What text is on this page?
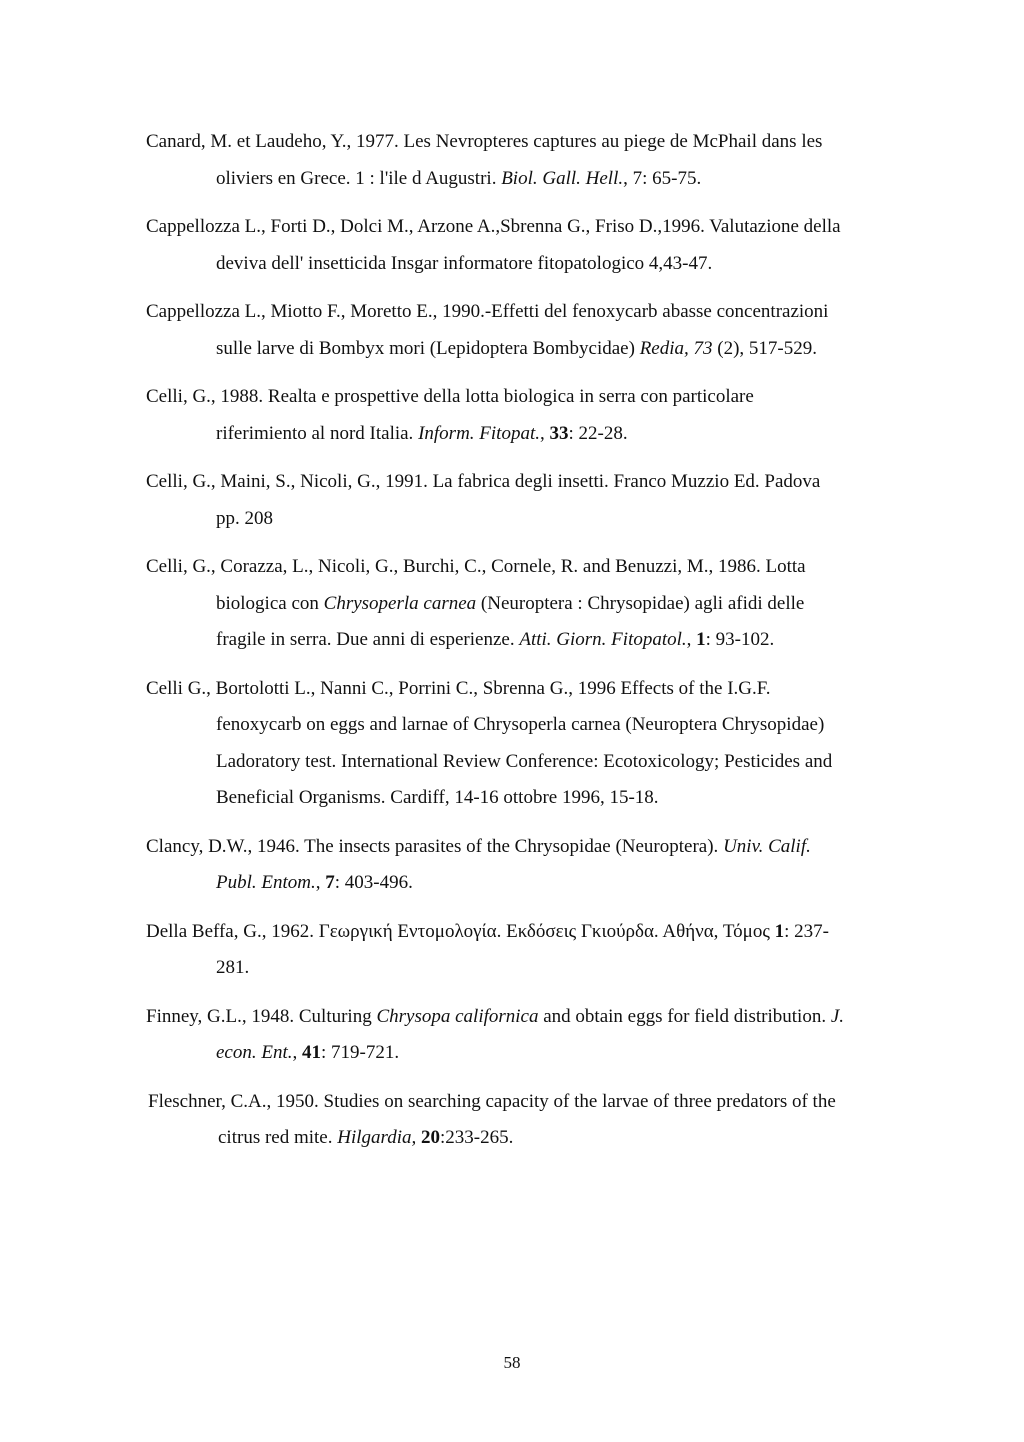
Canard, M. et Laudeho, Y., 1977. Les Nevropteres captures au piege de McPhail dans les oliviers en Grece. 1 : l'ile d Augustri. Biol. Gall. Hell., 7: 65-75.
Cappellozza L., Forti D., Dolci M., Arzone A.,Sbrenna G., Friso D.,1996. Valutazione della deviva dell' insetticida Insgar informatore fitopatologico 4,43-47.
Cappellozza L., Miotto F., Moretto E., 1990.-Effetti del fenoxycarb abasse concentrazioni sulle larve di Bombyx mori (Lepidoptera Bombycidae) Redia, 73 (2), 517-529.
Celli, G., 1988. Realta e prospettive della lotta biologica in serra con particolare riferimiento al nord Italia. Inform. Fitopat., 33: 22-28.
Celli, G., Maini, S., Nicoli, G., 1991. La fabrica degli insetti. Franco Muzzio Ed. Padova pp. 208
Celli, G., Corazza, L., Nicoli, G., Burchi, C., Cornele, R. and Benuzzi, M., 1986. Lotta biologica con Chrysoperla carnea (Neuroptera : Chrysopidae) agli afidi delle fragile in serra. Due anni di esperienze. Atti. Giorn. Fitopatol., 1: 93-102.
Celli G., Bortolotti L., Nanni C., Porrini C., Sbrenna G., 1996 Effects of the I.G.F. fenoxycarb on eggs and larnae of Chrysoperla carnea (Neuroptera Chrysopidae) Ladoratory test. International Review Conference: Ecotoxicology; Pesticides and Beneficial Organisms. Cardiff, 14-16 ottobre 1996, 15-18.
Clancy, D.W., 1946. The insects parasites of the Chrysopidae (Neuroptera). Univ. Calif. Publ. Entom., 7: 403-496.
Della Beffa, G., 1962. Γεωργική Εντομολογία. Εκδόσεις Γκιούρδα. Αθήνα, Τόμος 1: 237-281.
Finney, G.L., 1948. Culturing Chrysopa californica and obtain eggs for field distribution. J. econ. Ent., 41: 719-721.
Fleschner, C.A., 1950. Studies on searching capacity of the larvae of three predators of the citrus red mite. Hilgardia, 20:233-265.
58
